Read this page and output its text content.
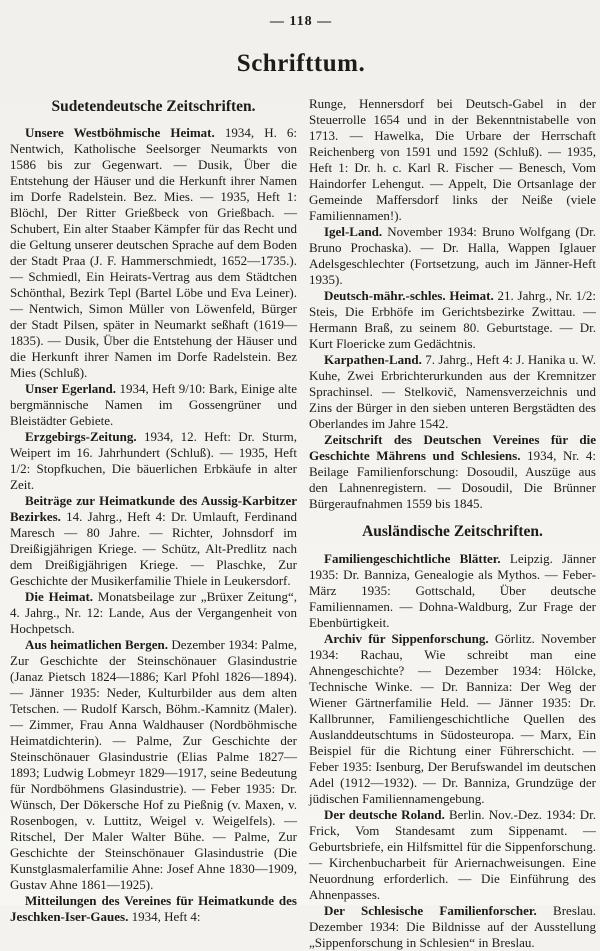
— 118 —
Schrifttum.
Sudetendeutsche Zeitschriften.

Unsere Westböhmische Heimat. 1934, H. 6: Nentwich, Katholische Seelsorger Neumarkts von 1586 bis zur Gegenwart. — Dusik, Über die Entstehung der Häuser und die Herkunft ihrer Namen im Dorfe Radelstein. Bez. Mies. — 1935, Heft 1: Blöchl, Der Ritter Grießbeck von Grießbach. — Schubert, Ein alter Staaber Kämpfer für das Recht und die Geltung unserer deutschen Sprache auf dem Boden der Stadt Praa (J. F. Hammerschmiedt, 1652—1735.). — Schmiedl, Ein Heirats-Vertrag aus dem Städtchen Schönthal, Bezirk Tepl (Bartel Löbe und Eva Leiner). — Nentwich, Simon Müller von Löwenfeld, Bürger der Stadt Pilsen, später in Neumarkt seßhaft (1619—1835). — Dusik, Über die Entstehung der Häuser und die Herkunft ihrer Namen im Dorfe Radelstein. Bez Mies (Schluß).

Unser Egerland. 1934, Heft 9/10: Bark, Einige alte bergmännische Namen im Gossengrüner und Bleistädter Gebiete.

Erzgebirgs-Zeitung. 1934, 12. Heft: Dr. Sturm, Weipert im 16. Jahrhundert (Schluß). — 1935, Heft 1/2: Stopfkuchen, Die bäuerlichen Erbkäufe in alter Zeit.

Beiträge zur Heimatkunde des Aussig-Karbitzer Bezirkes. 14. Jahrg., Heft 4: Dr. Umlauft, Ferdinand Maresch — 80 Jahre. — Richter, Johnsdorf im Dreißigjährigen Kriege. — Schütz, Alt-Predlitz nach dem Dreißigjährigen Kriege. — Plaschke, Zur Geschichte der Musikerfamilie Thiele in Leukersdorf.

Die Heimat. Monatsbeilage zur „Brüxer Zeitung“, 4. Jahrg., Nr. 12: Lande, Aus der Vergangenheit von Hochpetsch.

Aus heimatlichen Bergen. Dezember 1934: Palme, Zur Geschichte der Steinschönauer Glasindustrie (Janaz Pietsch 1824—1886; Karl Pfohl 1826—1894). — Jänner 1935: Neder, Kulturbilder aus dem alten Tetschen. — Rudolf Karsch, Böhm.-Kamnitz (Maler). — Zimmer, Frau Anna Waldhauser (Nordböhmische Heimatdichterin). — Palme, Zur Geschichte der Steinschönauer Glasindustrie (Elias Palme 1827—1893; Ludwig Lobmeyr 1829—1917, seine Bedeutung für Nordböhmens Glasindustrie). — Feber 1935: Dr. Wünsch, Der Dökersche Hof zu Pießnig (v. Maxen, v. Rosenbogen, v. Luttitz, Weigel v. Weigelfels). — Ritschel, Der Maler Walter Bühe. — Palme, Zur Geschichte der Steinschönauer Glasindustrie (Die Kunstglasmalerfamilie Ahne: Josef Ahne 1830—1909, Gustav Ahne 1861—1925).

Mitteilungen des Vereines für Heimatkunde des Jeschken-Iser-Gaues. 1934, Heft 4:

Runge, Hennersdorf bei Deutsch-Gabel in der Steuerrolle 1654 und in der Bekenntnistabelle von 1713. — Hawelka, Die Urbare der Herrschaft Reichenberg von 1591 und 1592 (Schluß). — 1935, Heft 1: Dr. h. c. Karl R. Fischer — Benesch, Vom Haindorfer Lehengut. — Appelt, Die Ortsanlage der Gemeinde Maffersdorf links der Neiße (viele Familiennamen!).

Igel-Land. November 1934: Bruno Wolfgang (Dr. Bruno Prochaska). — Dr. Halla, Wappen Iglauer Adelsgeschlechter (Fortsetzung, auch im Jänner-Heft 1935).

Deutsch-mähr.-schles. Heimat. 21. Jahrg., Nr. 1/2: Steis, Die Erbhöfe im Gerichtsbezirke Zwittau. — Hermann Braß, zu seinem 80. Geburtstage. — Dr. Kurt Floericke zum Gedächtnis.

Karpathen-Land. 7. Jahrg., Heft 4: J. Hanika u. W. Kuhe, Zwei Erbrichterurkunden aus der Kremnitzer Sprachinsel. — Stelkovič, Namensverzeichnis und Zins der Bürger in den sieben unteren Bergstädten des Oberlandes im Jahre 1542.

Zeitschrift des Deutschen Vereines für die Geschichte Mährens und Schlesiens. 1934, Nr. 4: Beilage Familienforschung: Dosoudil, Auszüge aus den Lahnenregistern. — Dosoudil, Die Brünner Bürgeraufnahmen 1559 bis 1845.

Ausländische Zeitschriften.

Familiengeschichtliche Blätter. Leipzig. Jänner 1935: Dr. Banniza, Genealogie als Mythos. — Feber-März 1935: Gottschald, Über deutsche Familiennamen. — Dohna-Waldburg, Zur Frage der Ebenbürtigkeit.

Archiv für Sippenforschung. Görlitz. November 1934: Rachau, Wie schreibt man eine Ahnengeschichte? — Dezember 1934: Hölcke, Technische Winke. — Dr. Banniza: Der Weg der Wiener Gärtnerfamilie Held. — Jänner 1935: Dr. Kallbrunner, Familiengeschichtliche Quellen des Auslanddeutschtums in Südosteuropa. — Marx, Ein Beispiel für die Richtung einer Führerschicht. — Feber 1935: Isenburg, Der Berufswandel im deutschen Adel (1912—1932). — Dr. Banniza, Grundzüge der jüdischen Familiennamengebung.

Der deutsche Roland. Berlin. Nov.-Dez. 1934: Dr. Frick, Vom Standesamt zum Sippenamt. — Geburtsbriefe, ein Hilfsmittel für die Sippenforschung. — Kirchenbucharbeit für Ariernachweisungen. Eine Neuordnung erforderlich. — Die Einführung des Ahnenpasses.

Der Schlesische Familienforscher. Breslau. Dezember 1934: Die Bildnisse auf der Ausstellung „Sippenforschung in Schlesien“ in Breslau.
